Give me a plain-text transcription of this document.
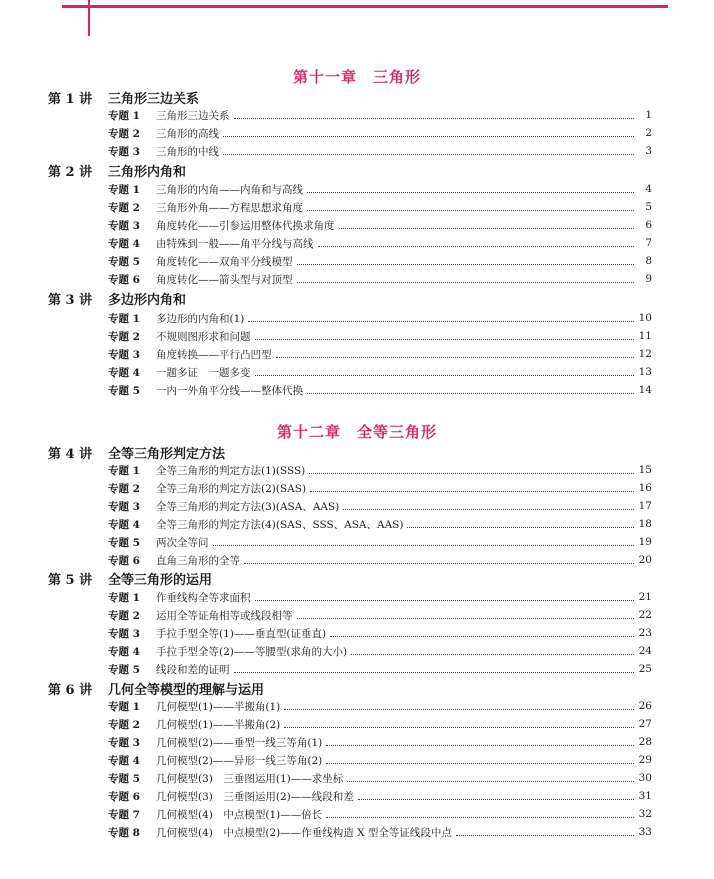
第十一章　三角形
第 1 讲 三角形三边关系
专题 1	三角形三边关系	1
专题 2	三角形的高线	2
专题 3	三角形的中线	3
第 2 讲 三角形内角和
专题 1	三角形的内角——内角和与高线	4
专题 2	三角形外角——方程思想求角度	5
专题 3	角度转化——引参运用整体代换求角度	6
专题 4	由特殊到一般——角平分线与高线	7
专题 5	角度转化——双角平分线模型	8
专题 6	角度转化——箭头型与对顶型	9
第 3 讲 多边形内角和
专题 1	多边形的内角和(1)	10
专题 2	不规则图形求和问题	11
专题 3	角度转换——平行凸凹型	12
专题 4	一题多证　一题多变	13
专题 5	一内一外角平分线——整体代换	14
第十二章　全等三角形
第 4 讲 全等三角形判定方法
专题 1	全等三角形的判定方法(1)(SSS)	15
专题 2	全等三角形的判定方法(2)(SAS)	16
专题 3	全等三角形的判定方法(3)(ASA、AAS)	17
专题 4	全等三角形的判定方法(4)(SAS、SSS、ASA、AAS)	18
专题 5	两次全等问	19
专题 6	直角三角形的全等	20
第 5 讲 全等三角形的运用
专题 1	作垂线构全等求面积	21
专题 2	运用全等证角相等或线段相等	22
专题 3	手拉手型全等(1)——垂直型(证垂直)	23
专题 4	手拉手型全等(2)——等腰型(求角的大小)	24
专题 5	线段和差的证明	25
第 6 讲 几何全等模型的理解与运用
专题 1	几何模型(1)——半搬角(1)	26
专题 2	几何模型(1)——半搬角(2)	27
专题 3	几何模型(2)——垂型一线三等角(1)	28
专题 4	几何模型(2)——异形一线三等角(2)	29
专题 5	几何模型(3)　三垂图运用(1)——求坐标	30
专题 6	几何模型(3)　三垂图运用(2)——线段和差	31
专题 7	几何模型(4)　中点模型(1)——倍长	32
专题 8	几何模型(4)　中点模型(2)——作垂线构造 X 型全等证线段中点	33
